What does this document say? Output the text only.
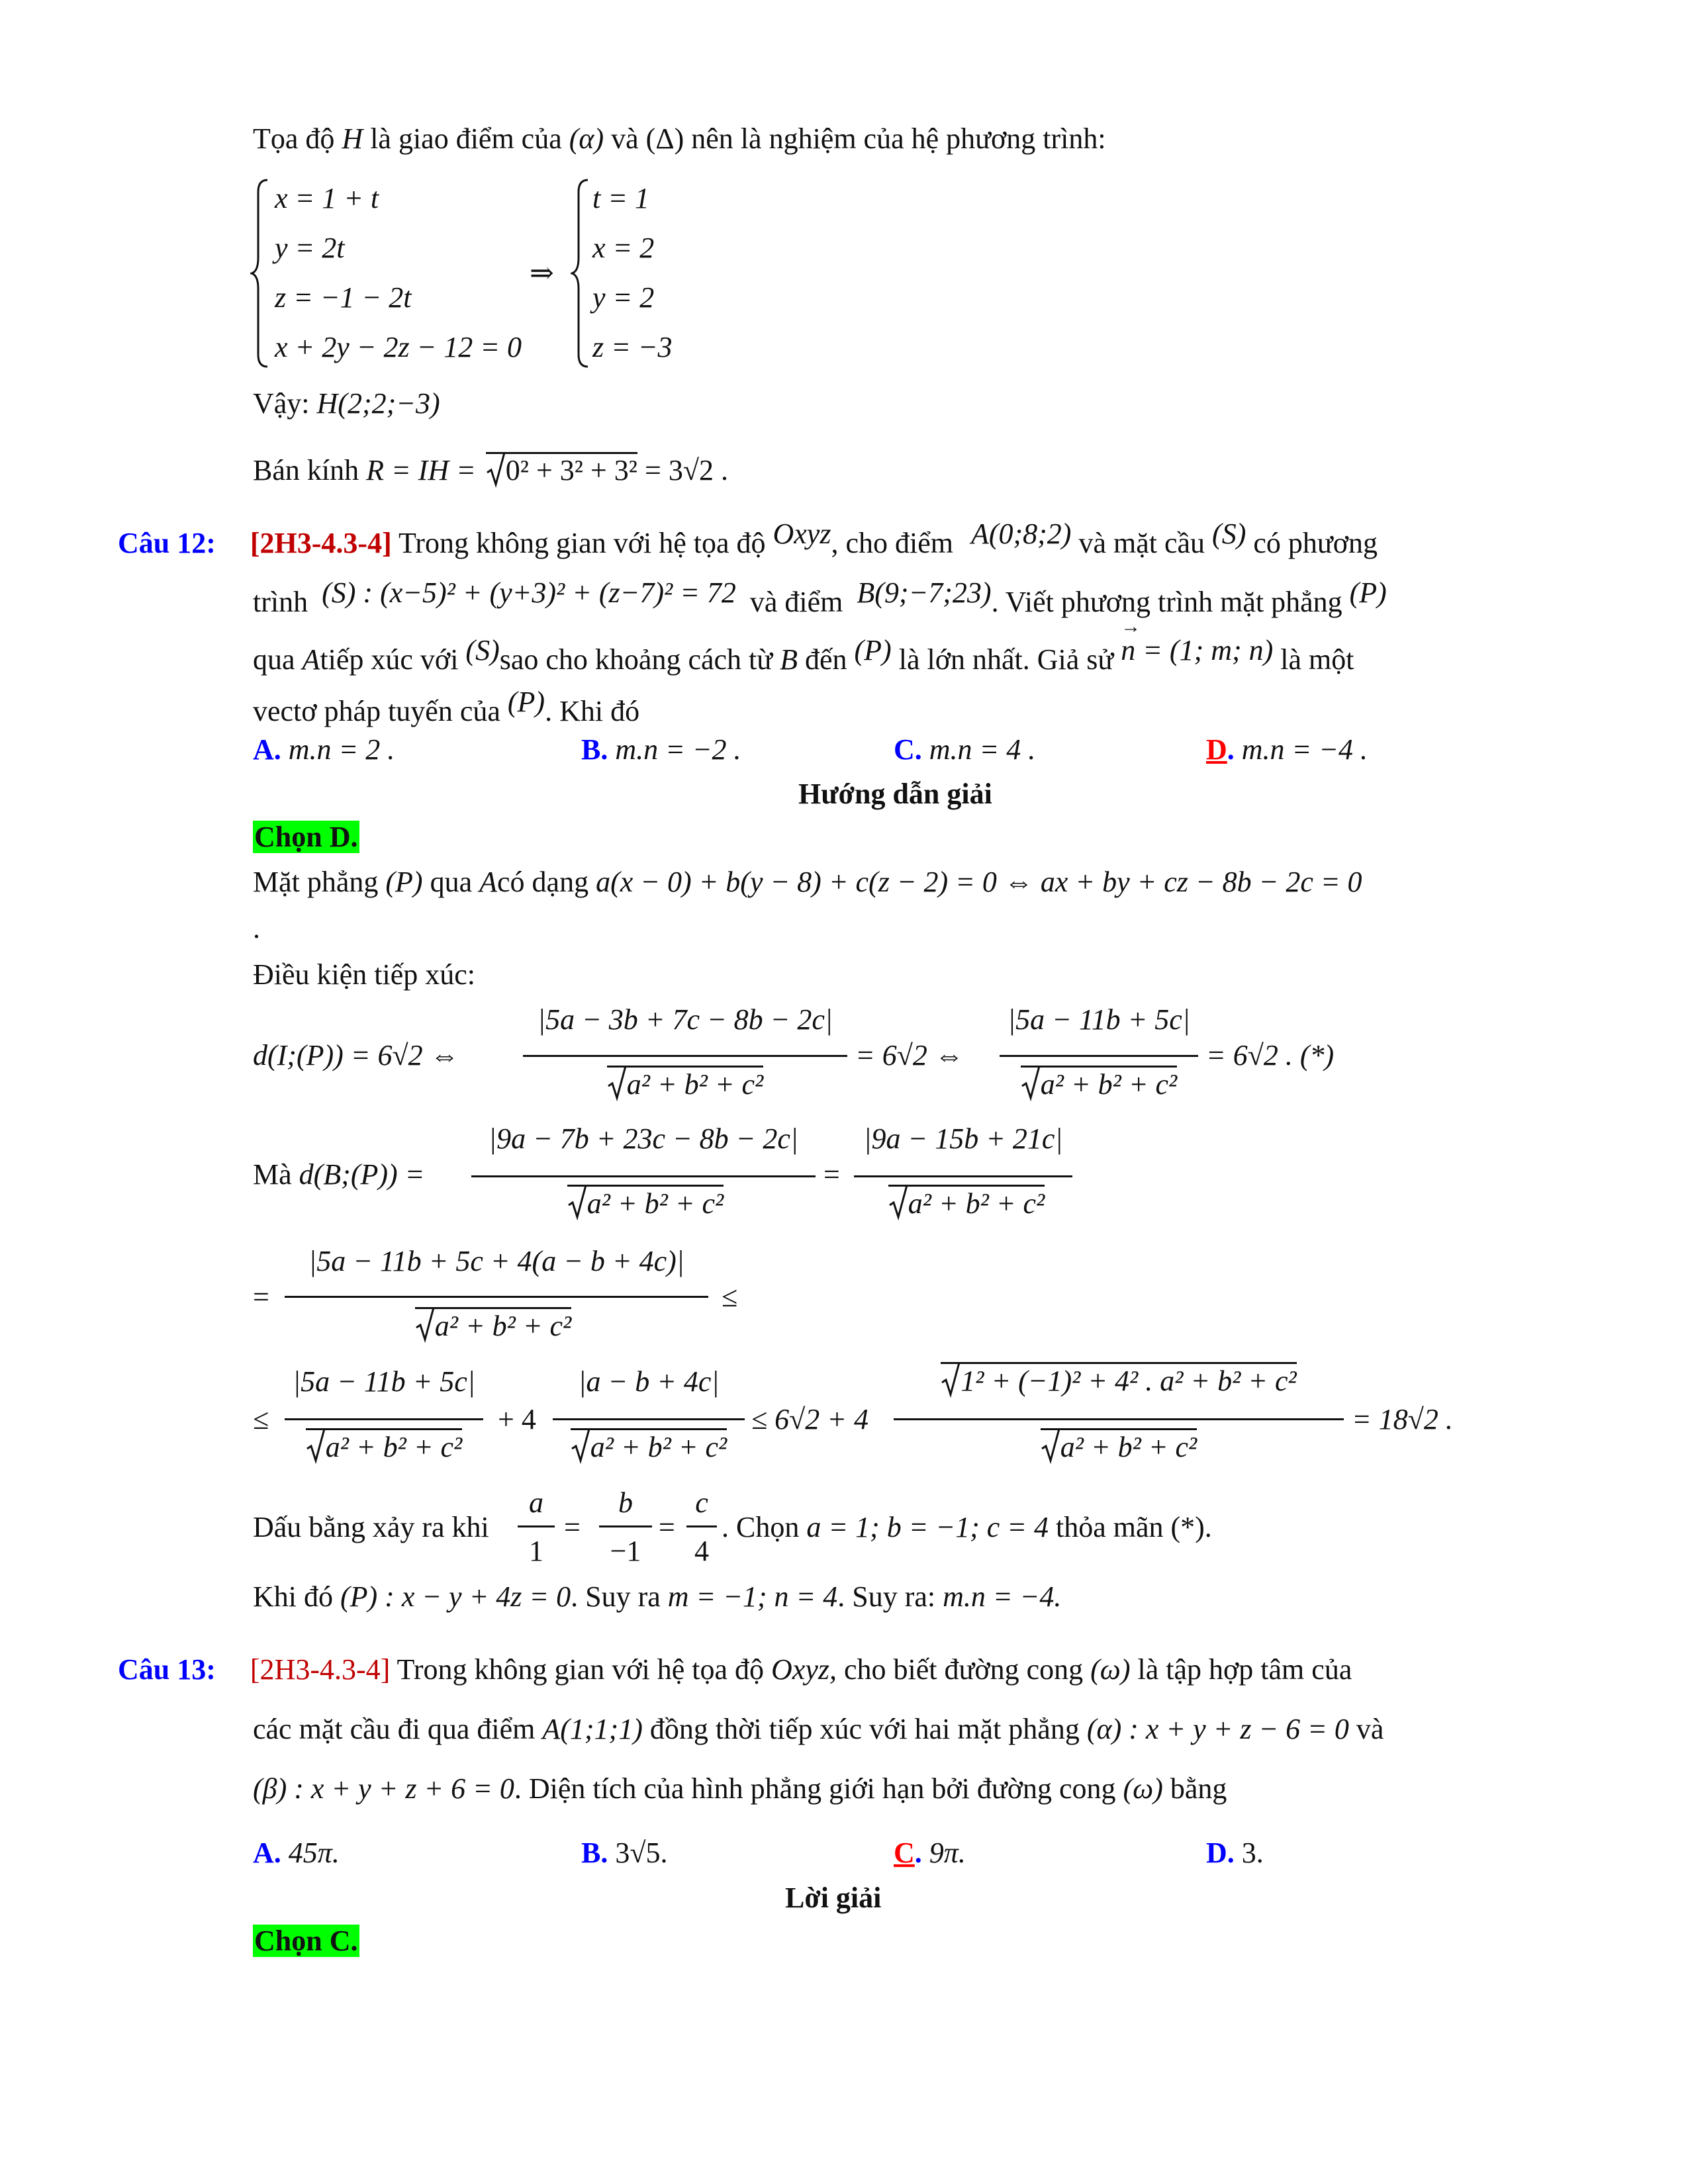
Tọa độ H là giao điểm của (α) và (Δ) nên là nghiệm của hệ phương trình:
x = 1 + t
y = 2t
z = −1 − 2t
x + 2y − 2z − 12 = 0
⇒
t = 1
x = 2
y = 2
z = −3
Vậy: H(2;2;−3)
Bán kính R = IH = 0² + 3² + 3² = 3√2 .
Câu 12: [2H3-4.3-4] Trong không gian với hệ tọa độ Oxyz, cho điểm A(0;8;2) và mặt cầu (S) có phương
trình (S) : (x−5)² + (y+3)² + (z−7)² = 72 và điểm B(9;−7;23). Viết phương trình mặt phẳng (P)
qua Atiếp xúc với (S)sao cho khoảng cách từ B đến (P) là lớn nhất. Giả sử
→
n = (1; m; n) là một
vectơ pháp tuyến của (P). Khi đó
A. m.n = 2 .	B. m.n = −2 .	C. m.n = 4 .	D. m.n = −4 .
Hướng dẫn giải
Chọn D.
Mặt phẳng (P) qua Acó dạng a(x − 0) + b(y − 8) + c(z − 2) = 0 ⇔ ax + by + cz − 8b − 2c = 0
.
Điều kiện tiếp xúc:
d(I;(P)) = 6√2 ⇔
|5a − 3b + 7c − 8b − 2c|
a² + b² + c²
= 6√2 ⇔
|5a − 11b + 5c|
a² + b² + c²
= 6√2 . (*)
Mà d(B;(P)) =
|9a − 7b + 23c − 8b − 2c|
a² + b² + c²
=
|9a − 15b + 21c|
a² + b² + c²
=
|5a − 11b + 5c + 4(a − b + 4c)|
a² + b² + c²
≤
≤
|5a − 11b + 5c|
a² + b² + c²
+ 4
|a − b + 4c|
a² + b² + c²
≤ 6√2 + 4
1² + (−1)² + 4² . a² + b² + c²
a² + b² + c²
= 18√2 .
Dấu bằng xảy ra khi
a
1
=
b
−1
=
c
4
. Chọn a = 1; b = −1; c = 4 thỏa mãn (*).
Khi đó (P) : x − y + 4z = 0. Suy ra m = −1; n = 4. Suy ra: m.n = −4.
Câu 13: [2H3-4.3-4] Trong không gian với hệ tọa độ Oxyz, cho biết đường cong (ω) là tập hợp tâm của
các mặt cầu đi qua điểm A(1;1;1) đồng thời tiếp xúc với hai mặt phẳng (α) : x + y + z − 6 = 0 và
(β) : x + y + z + 6 = 0. Diện tích của hình phẳng giới hạn bởi đường cong (ω) bằng
A. 45π.	B. 3√5.	C. 9π.	D. 3.
Lời giải
Chọn C.
